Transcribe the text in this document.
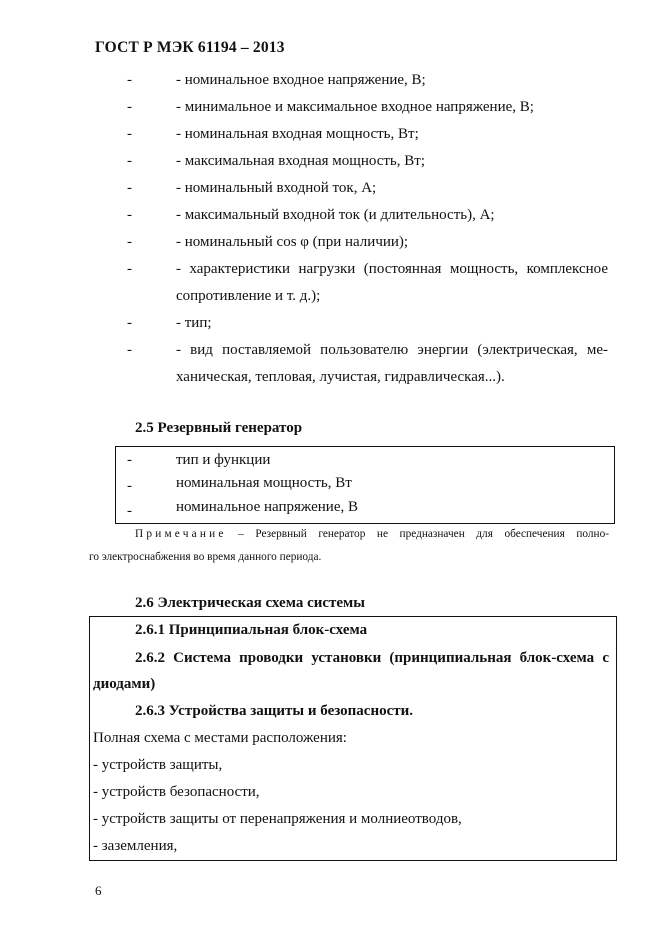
ГОСТ Р МЭК 61194 – 2013
-	- номинальное входное напряжение, В;
-	- минимальное и максимальное входное напряжение, В;
-	- номинальная входная мощность, Вт;
-	- максимальная входная мощность, Вт;
-	- номинальный входной ток, А;
-	- максимальный входной ток (и длительность), А;
-	- номинальный cos φ (при наличии);
-	- характеристики нагрузки (постоянная мощность, комплексное
сопротивление и т. д.);
-	- тип;
-	- вид поставляемой пользователю энергии (электрическая, ме-
ханическая, тепловая, лучистая, гидравлическая...).
2.5 Резервный генератор
-	тип и функции
-	номинальная мощность, Вт
-	номинальное напряжение, В
Примечание – Резервный генератор не предназначен для обеспечения полно-
го электроснабжения во время данного периода.
2.6 Электрическая схема системы
2.6.1 Принципиальная блок-схема
2.6.2 Система проводки установки (принципиальная блок-схема с
диодами)
2.6.3 Устройства защиты и безопасности.
Полная схема с местами расположения:
- устройств защиты,
- устройств безопасности,
- устройств защиты от перенапряжения и молниеотводов,
- заземления,
6
